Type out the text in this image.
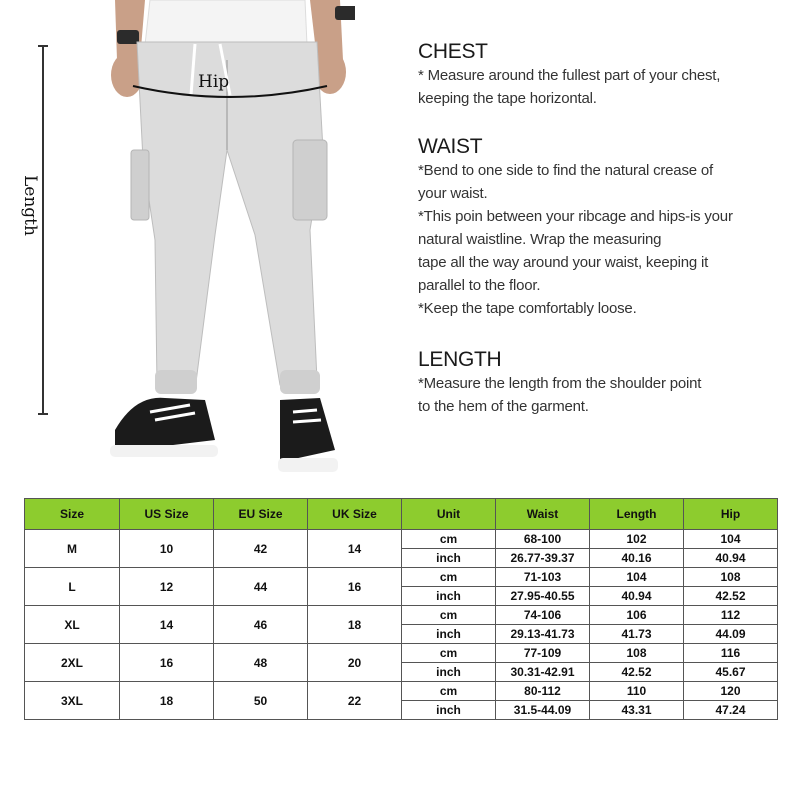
Length
Hip
CHEST

* Measure around the fullest part of your chest,

keeping the tape horizontal.

WAIST

*Bend to one side to find the natural crease of

your waist.

*This poin between your ribcage and hips-is your

natural waistline. Wrap the measuring

tape all the way around your waist, keeping it

parallel to the floor.

*Keep the tape comfortably loose.

LENGTH

*Measure the length from the shoulder point

to the hem of the garment.

Size	US Size	EU Size	UK Size	Unit	Waist	Length	Hip
M	10	42	14	cm	68-100	102	104
				inch	26.77-39.37	40.16	40.94
L	12	44	16	cm	71-103	104	108
				inch	27.95-40.55	40.94	42.52
XL	14	46	18	cm	74-106	106	112
				inch	29.13-41.73	41.73	44.09
2XL	16	48	20	cm	77-109	108	116
				inch	30.31-42.91	42.52	45.67
3XL	18	50	22	cm	80-112	110	120
				inch	31.5-44.09	43.31	47.24
